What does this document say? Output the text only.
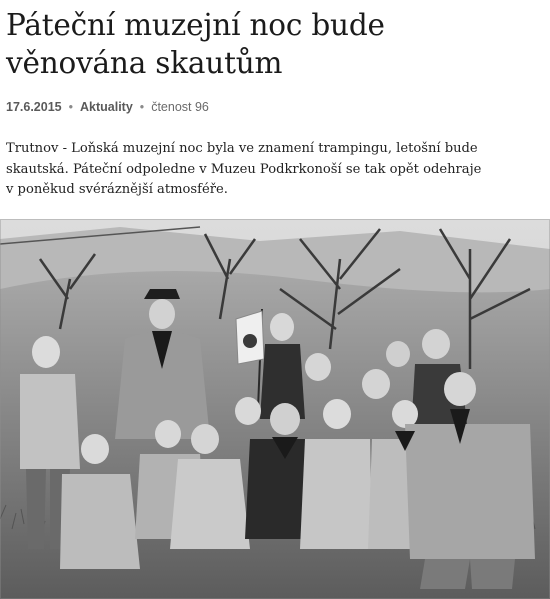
Páteční muzejní noc bude
věnována skautům
17.6.2015 • Aktuality • čtenost 96

Trutnov - Loňská muzejní noc byla ve znamení trampingu, letošní bude
skautská. Páteční odpoledne v Muzeu Podkrkonoší se tak opět odehraje
v poněkud svéráznější atmosféře.
